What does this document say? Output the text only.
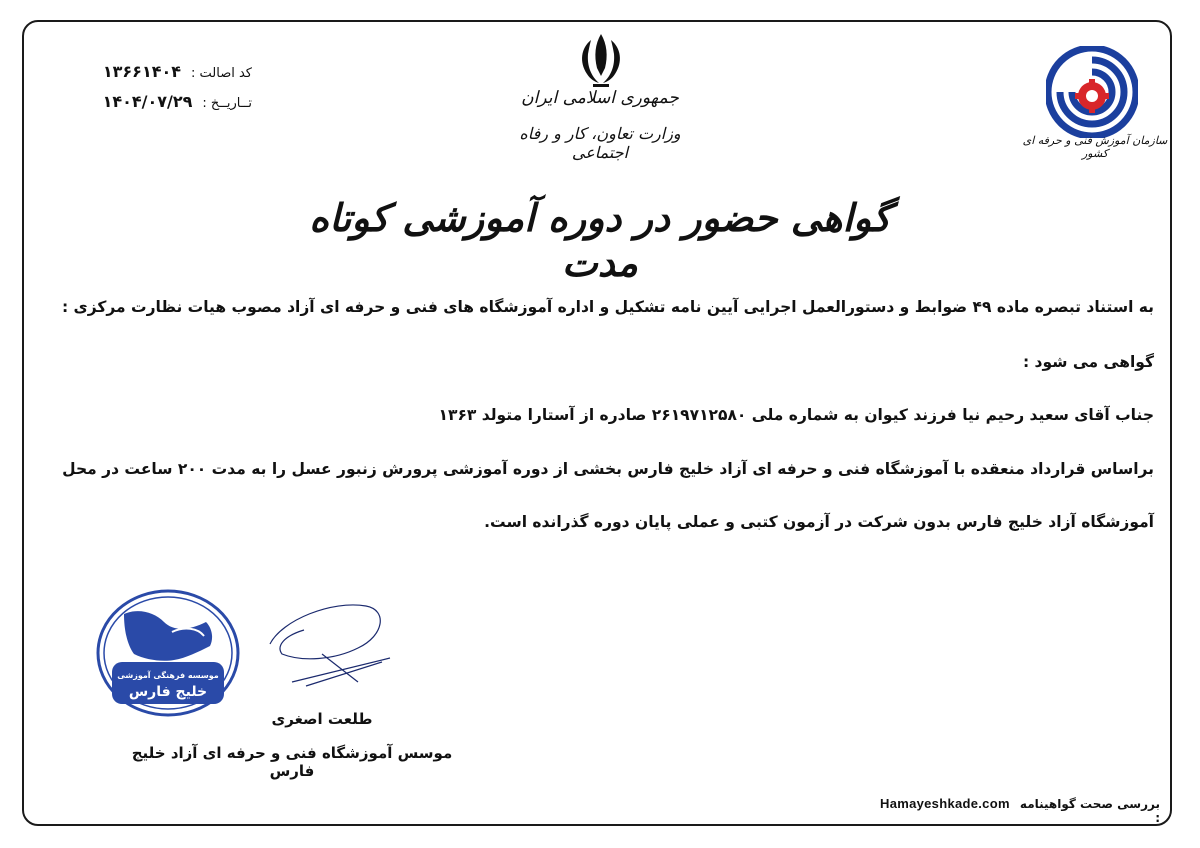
کد اصالت :
۱۳۶۶۱۴۰۴
تــاریــخ :
۱۴۰۴/۰۷/۲۹	جمهوری اسلامی ایران
وزارت تعاون، کار و رفاه اجتماعی
سازمان آموزش فنی و حرفه ای کشور
گواهی حضور در دوره آموزشی کوتاه مدت
به استناد تبصره ماده ۴۹ ضوابط و دستورالعمل اجرایی آیین نامه تشکیل و اداره آموزشگاه های فنی و حرفه ای آزاد مصوب هیات نظارت مرکزی :
گواهی می شود :
جناب آقای سعید رحیم نیا فرزند کیوان به شماره ملی ۲۶۱۹۷۱۲۵۸۰ صادره از آستارا متولد ۱۳۶۳
براساس قرارداد منعقده با آموزشگاه فنی و حرفه ای آزاد خلیج فارس بخشی از دوره آموزشی پرورش زنبور عسل را به مدت ۲۰۰ ساعت در محل
آموزشگاه آزاد خلیج فارس بدون شرکت در آزمون کتبی و عملی پایان دوره گذرانده است.
موسسه فرهنگی آموزشی
خلیج فارس
طلعت اصغری
موسس آموزشگاه فنی و حرفه ای آزاد خلیج فارس
بررسی صحت گواهینامه :
Hamayeshkade.com
